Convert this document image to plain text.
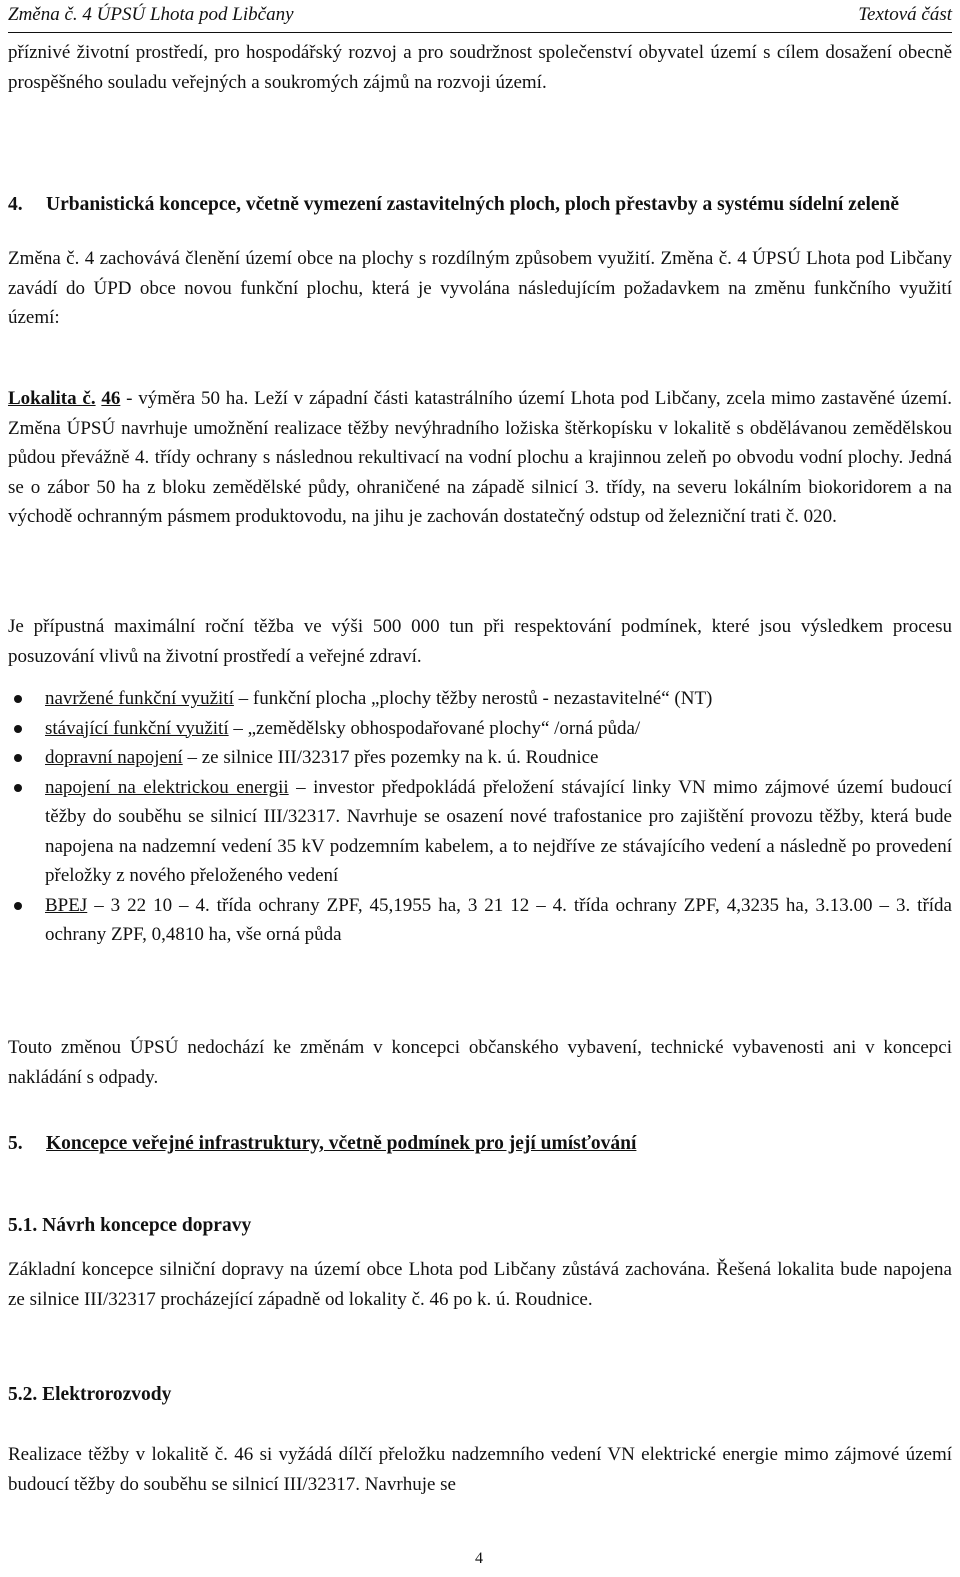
Změna č. 4 ÚPSÚ Lhota pod Libčany	Textová část

příznivé životní prostředí, pro hospodářský rozvoj a pro soudržnost společenství obyvatel území s cílem dosažení obecně prospěšného souladu veřejných a soukromých zájmů na rozvoji území.

4. Urbanistická koncepce, včetně vymezení zastavitelných ploch, ploch přestavby a systému sídelní zeleně

Změna č. 4 zachovává členění území obce na plochy s rozdílným způsobem využití. Změna č. 4 ÚPSÚ Lhota pod Libčany zavádí do ÚPD obce novou funkční plochu, která je vyvolána následujícím požadavkem na změnu funkčního využití území:

Lokalita č. 46 - výměra 50 ha. Leží v západní části katastrálního území Lhota pod Libčany, zcela mimo zastavěné území. Změna ÚPSÚ navrhuje umožnění realizace těžby nevýhradního ložiska štěrkopísku v lokalitě s obdělávanou zemědělskou půdou převážně 4. třídy ochrany s následnou rekultivací na vodní plochu a krajinnou zeleň po obvodu vodní plochy. Jedná se o zábor 50 ha z bloku zemědělské půdy, ohraničené na západě silnicí 3. třídy, na severu lokálním biokoridorem a na východě ochranným pásmem produktovodu, na jihu je zachován dostatečný odstup od železniční trati č. 020.

Je přípustná maximální roční těžba ve výši 500 000 tun při respektování podmínek, které jsou výsledkem procesu posuzování vlivů na životní prostředí a veřejné zdraví.

navržené funkční využití – funkční plocha „plochy těžby nerostů - nezastavitelné“ (NT)
stávající funkční využití – „zemědělsky obhospodařované plochy“ /orná půda/
dopravní napojení – ze silnice III/32317 přes pozemky na k. ú. Roudnice
napojení na elektrickou energii – investor předpokládá přeložení stávající linky VN mimo zájmové území budoucí těžby do souběhu se silnicí III/32317. Navrhuje se osazení nové trafostanice pro zajištění provozu těžby, která bude napojena na nadzemní vedení 35 kV podzemním kabelem, a to nejdříve ze stávajícího vedení a následně po provedení přeložky z nového přeloženého vedení
BPEJ – 3 22 10 – 4. třída ochrany ZPF, 45,1955 ha, 3 21 12 – 4. třída ochrany ZPF, 4,3235 ha, 3.13.00 – 3. třída ochrany ZPF, 0,4810 ha, vše orná půda

Touto změnou ÚPSÚ nedochází ke změnám v koncepci občanského vybavení, technické vybavenosti ani v koncepci nakládání s odpady.

5. Koncepce veřejné infrastruktury, včetně podmínek pro její umísťování
5.1. Návrh koncepce dopravy

Základní koncepce silniční dopravy na území obce Lhota pod Libčany zůstává zachována. Řešená lokalita bude napojena ze silnice III/32317 procházející západně od lokality č. 46 po k. ú. Roudnice.

5.2. Elektrorozvody

Realizace těžby v lokalitě č. 46 si vyžádá dílčí přeložku nadzemního vedení VN elektrické energie mimo zájmové území budoucí těžby do souběhu se silnicí III/32317. Navrhuje se

4
